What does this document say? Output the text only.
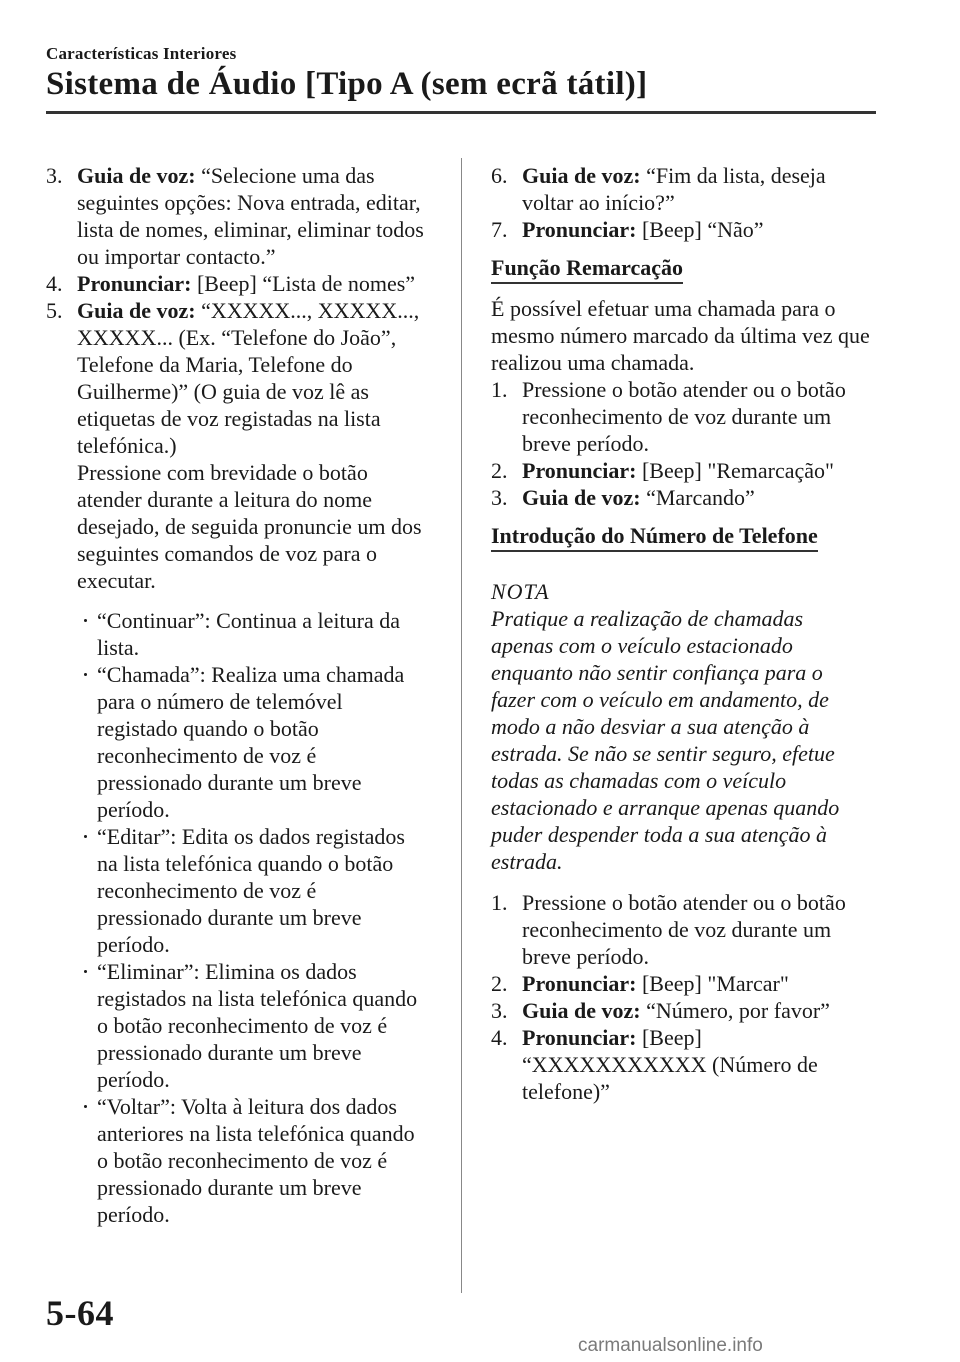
Características Interiores
Sistema de Áudio [Tipo A (sem ecrã tátil)]
3. Guia de voz: “Selecione uma das
seguintes opções: Nova entrada, editar,
lista de nomes, eliminar, eliminar todos
ou importar contacto.”
4. Pronunciar: [Beep] “Lista de nomes”
5. Guia de voz: “XXXXX..., XXXXX...,
XXXXX... (Ex. “Telefone do João”,
Telefone da Maria, Telefone do
Guilherme)” (O guia de voz lê as
etiquetas de voz registadas na lista
telefónica.)
Pressione com brevidade o botão
atender durante a leitura do nome
desejado, de seguida pronuncie um dos
seguintes comandos de voz para o
executar.
“Continuar”: Continua a leitura da
lista.
“Chamada”: Realiza uma chamada
para o número de telemóvel
registado quando o botão
reconhecimento de voz é
pressionado durante um breve
período.
“Editar”: Edita os dados registados
na lista telefónica quando o botão
reconhecimento de voz é
pressionado durante um breve
período.
“Eliminar”: Elimina os dados
registados na lista telefónica quando
o botão reconhecimento de voz é
pressionado durante um breve
período.
“Voltar”: Volta à leitura dos dados
anteriores na lista telefónica quando
o botão reconhecimento de voz é
pressionado durante um breve
período.
6. Guia de voz: “Fim da lista, deseja
voltar ao início?”
7. Pronunciar: [Beep] “Não”
Função Remarcação
É possível efetuar uma chamada para o
mesmo número marcado da última vez que
realizou uma chamada.
1. Pressione o botão atender ou o botão
reconhecimento de voz durante um
breve período.
2. Pronunciar: [Beep] "Remarcação"
3. Guia de voz: “Marcando”
Introdução do Número de Telefone
NOTA
Pratique a realização de chamadas
apenas com o veículo estacionado
enquanto não sentir confiança para o
fazer com o veículo em andamento, de
modo a não desviar a sua atenção à
estrada. Se não se sentir seguro, efetue
todas as chamadas com o veículo
estacionado e arranque apenas quando
puder despender toda a sua atenção à
estrada.
1. Pressione o botão atender ou o botão
reconhecimento de voz durante um
breve período.
2. Pronunciar: [Beep] "Marcar"
3. Guia de voz: “Número, por favor”
4. Pronunciar: [Beep]
“XXXXXXXXXXX (Número de
telefone)”
5-64
carmanualsonline.info
